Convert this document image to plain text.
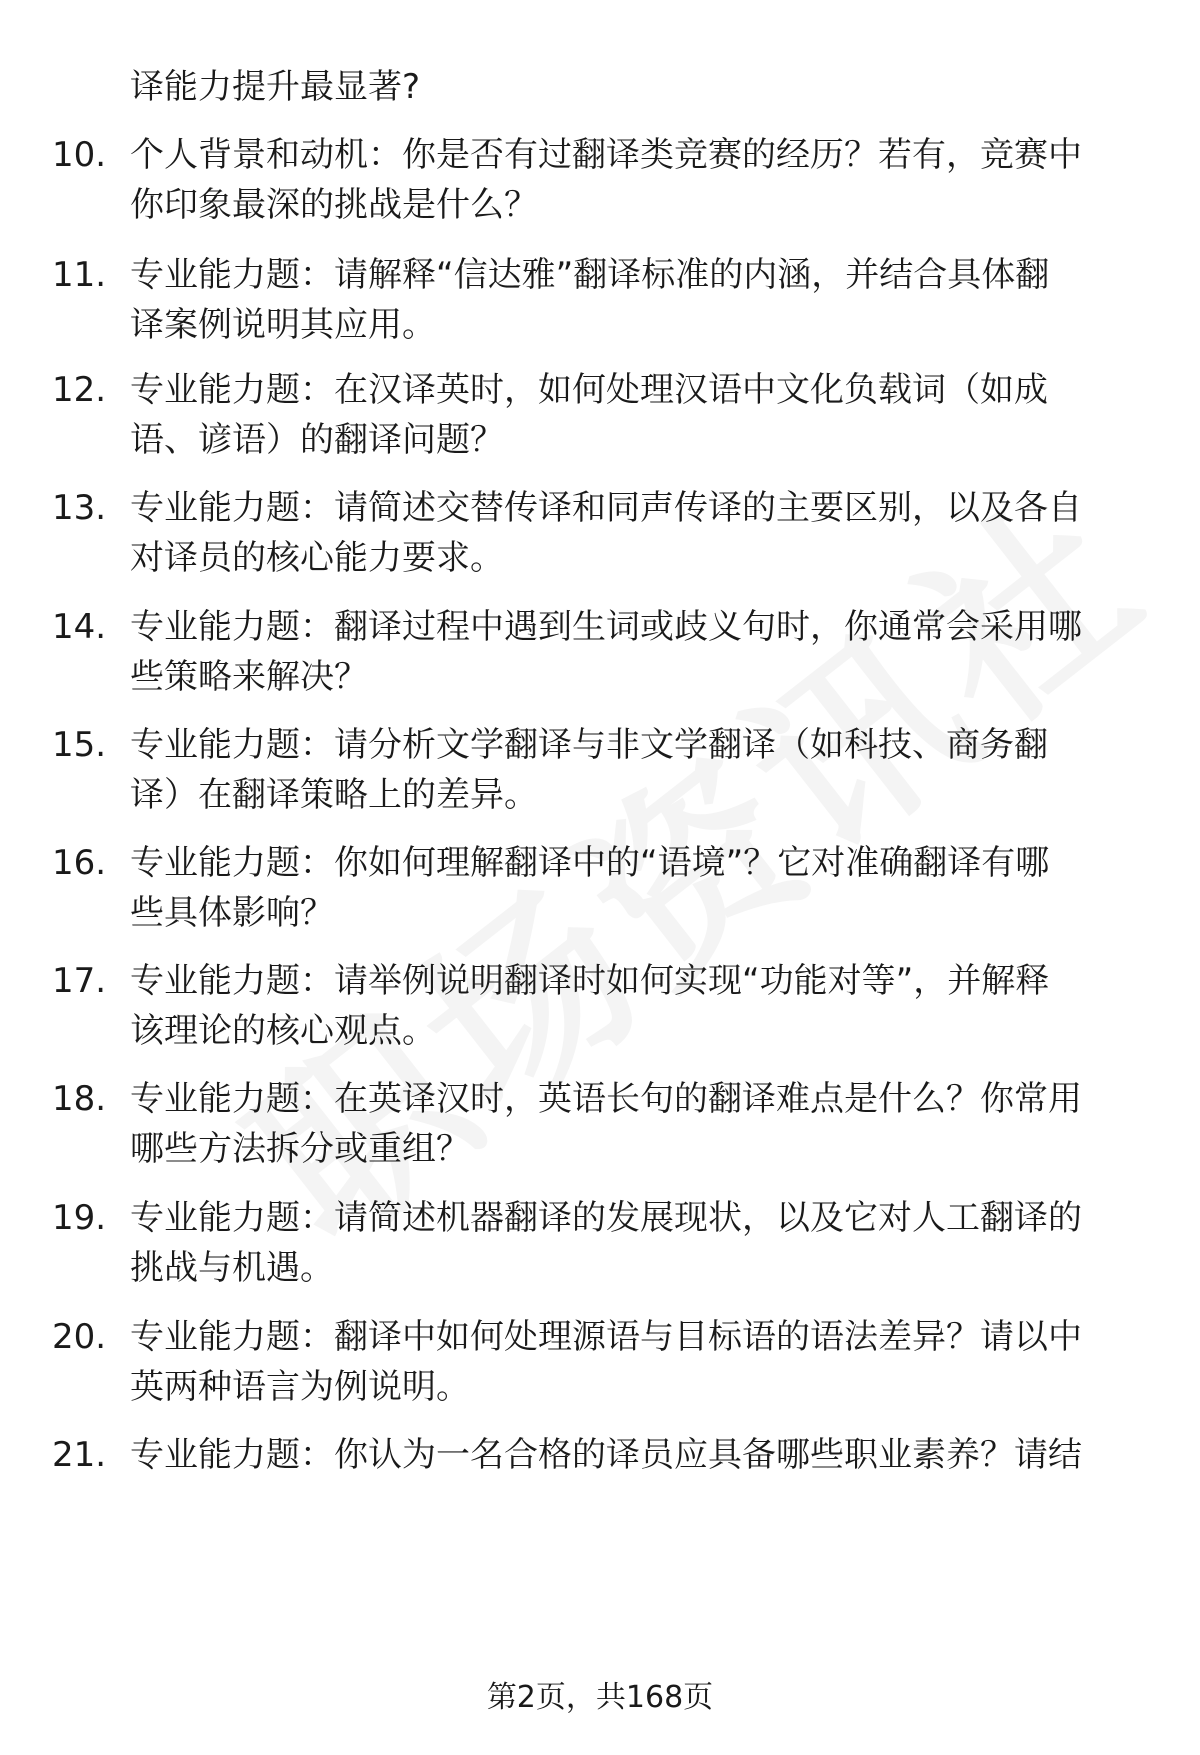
译能力提升最显著?
10. 个人背景和动机：你是否有过翻译类竞赛的经历？若有，竞赛中
你印象最深的挑战是什么？
11. 专业能力题：请解释“信达雅”翻译标准的内涵，并结合具体翻
译案例说明其应用。
12. 专业能力题：在汉译英时，如何处理汉语中文化负载词（如成
语、谚语）的翻译问题？
13. 专业能力题：请简述交替传译和同声传译的主要区别，以及各自
对译员的核心能力要求。
14. 专业能力题：翻译过程中遇到生词或歧义句时，你通常会采用哪
些策略来解决？
15. 专业能力题：请分析文学翻译与非文学翻译（如科技、商务翻
译）在翻译策略上的差异。
16. 专业能力题：你如何理解翻译中的“语境”？它对准确翻译有哪
些具体影响？
17. 专业能力题：请举例说明翻译时如何实现“功能对等”，并解释
该理论的核心观点。
18. 专业能力题：在英译汉时，英语长句的翻译难点是什么？你常用
哪些方法拆分或重组？
19. 专业能力题：请简述机器翻译的发展现状，以及它对人工翻译的
挑战与机遇。
20. 专业能力题：翻译中如何处理源语与目标语的语法差异？请以中
英两种语言为例说明。
21. 专业能力题：你认为一名合格的译员应具备哪些职业素养？请结
第2页，共168页
